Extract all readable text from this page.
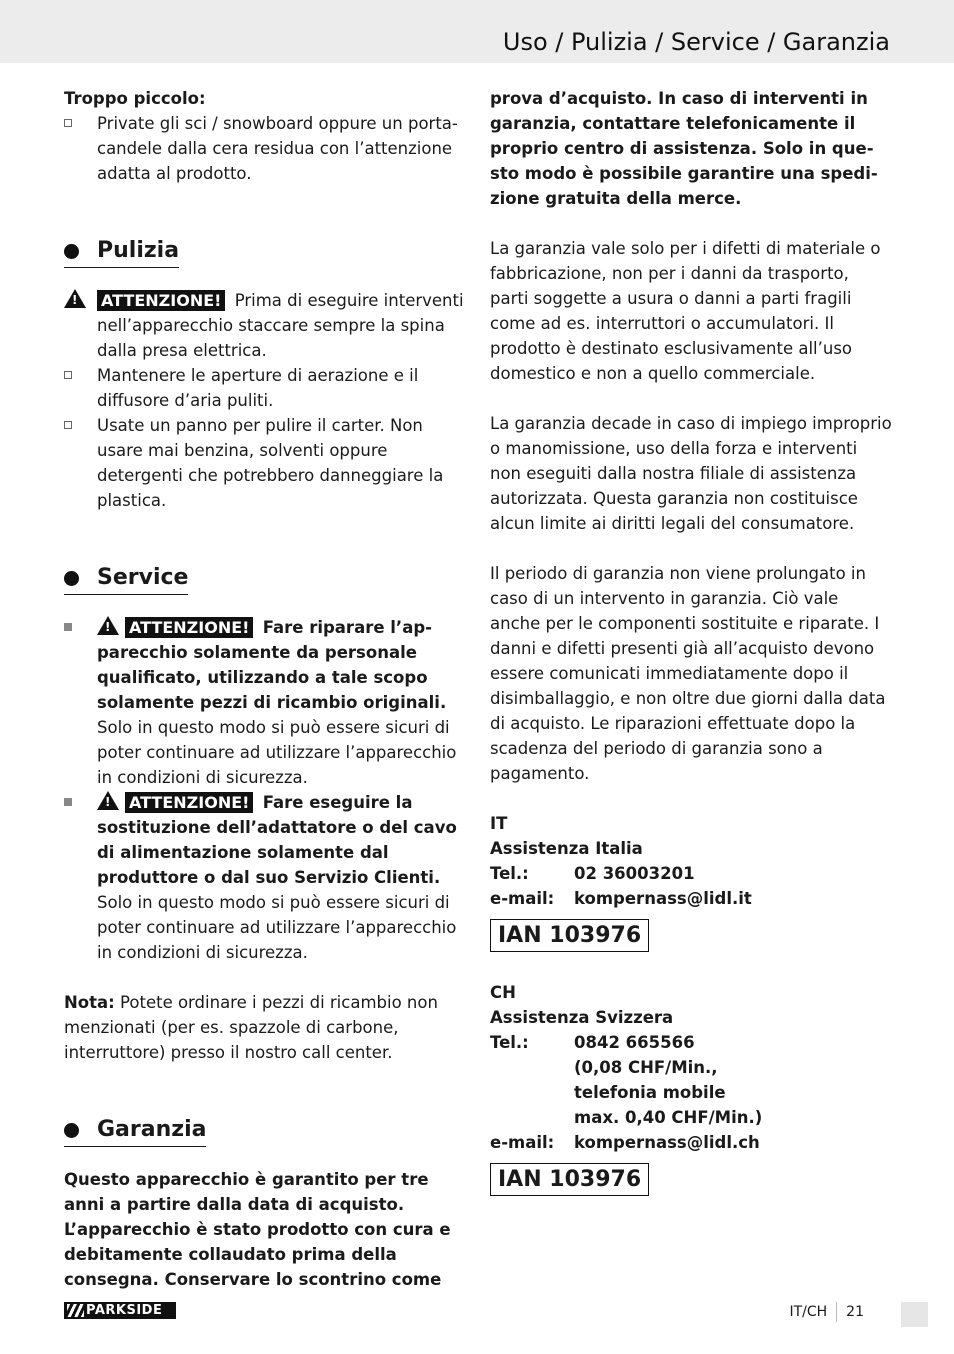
Uso / Pulizia / Service / Garanzia

Troppo piccolo:

Private gli sci / snowboard oppure un portacandele dalla cera residua con l’attenzione adatta al prodotto.
Pulizia
!ATTENZIONE! Prima di eseguire interventi nell’apparecchio staccare sempre la spina dalla presa elettrica.
Mantenere le aperture di aerazione e il diffusore d’aria puliti.
Usate un panno per pulire il carter. Non usare mai benzina, solventi oppure detergenti che potrebbero danneggiare la plastica.
Service
!ATTENZIONE! Fare riparare l’apparecchio solamente da personale qualificato, utilizzando a tale scopo solamente pezzi di ricambio originali. Solo in questo modo si può essere sicuri di poter continuare ad utilizzare l’apparecchio in condizioni di sicurezza.
!ATTENZIONE! Fare eseguire la sostituzione dell’adattatore o del cavo di alimentazione solamente dal produttore o dal suo Servizio Clienti. Solo in questo modo si può essere sicuri di poter continuare ad utilizzare l’apparecchio in condizioni di sicurezza.

Nota: Potete ordinare i pezzi di ricambio non menzionati (per es. spazzole di carbone, interruttore) presso il nostro call center.

Garanzia

Questo apparecchio è garantito per tre anni a partire dalla data di acquisto. L’apparecchio è stato prodotto con cura e debitamente collaudato prima della consegna. Conservare lo scontrino come

prova d’acquisto. In caso di interventi in garanzia, contattare telefonicamente il proprio centro di assistenza. Solo in questo modo è possibile garantire una spedizione gratuita della merce.

La garanzia vale solo per i difetti di materiale o fabbricazione, non per i danni da trasporto, parti soggette a usura o danni a parti fragili come ad es. interruttori o accumulatori. Il prodotto è destinato esclusivamente all’uso domestico e non a quello commerciale.

La garanzia decade in caso di impiego improprio o manomissione, uso della forza e interventi non eseguiti dalla nostra filiale di assistenza autorizzata. Questa garanzia non costituisce alcun limite ai diritti legali del consumatore.

Il periodo di garanzia non viene prolungato in caso di un intervento in garanzia. Ciò vale anche per le componenti sostituite e riparate. I danni e difetti presenti già all’acquisto devono essere comunicati immediatamente dopo il disimballaggio, e non oltre due giorni dalla data di acquisto. Le riparazioni effettuate dopo la scadenza del periodo di garanzia sono a pagamento.

IT

Assistenza Italia

Tel.:	02 36003201
e-mail: kompernass@lidl.it
IAN 103976

CH

Assistenza Svizzera

Tel.:	0842 665566
(0,08 CHF/Min.,
telefonia mobile
max. 0,40 CHF/Min.)
e-mail: kompernass@lidl.ch
IAN 103976
PARKSIDE	IT/CH 21
